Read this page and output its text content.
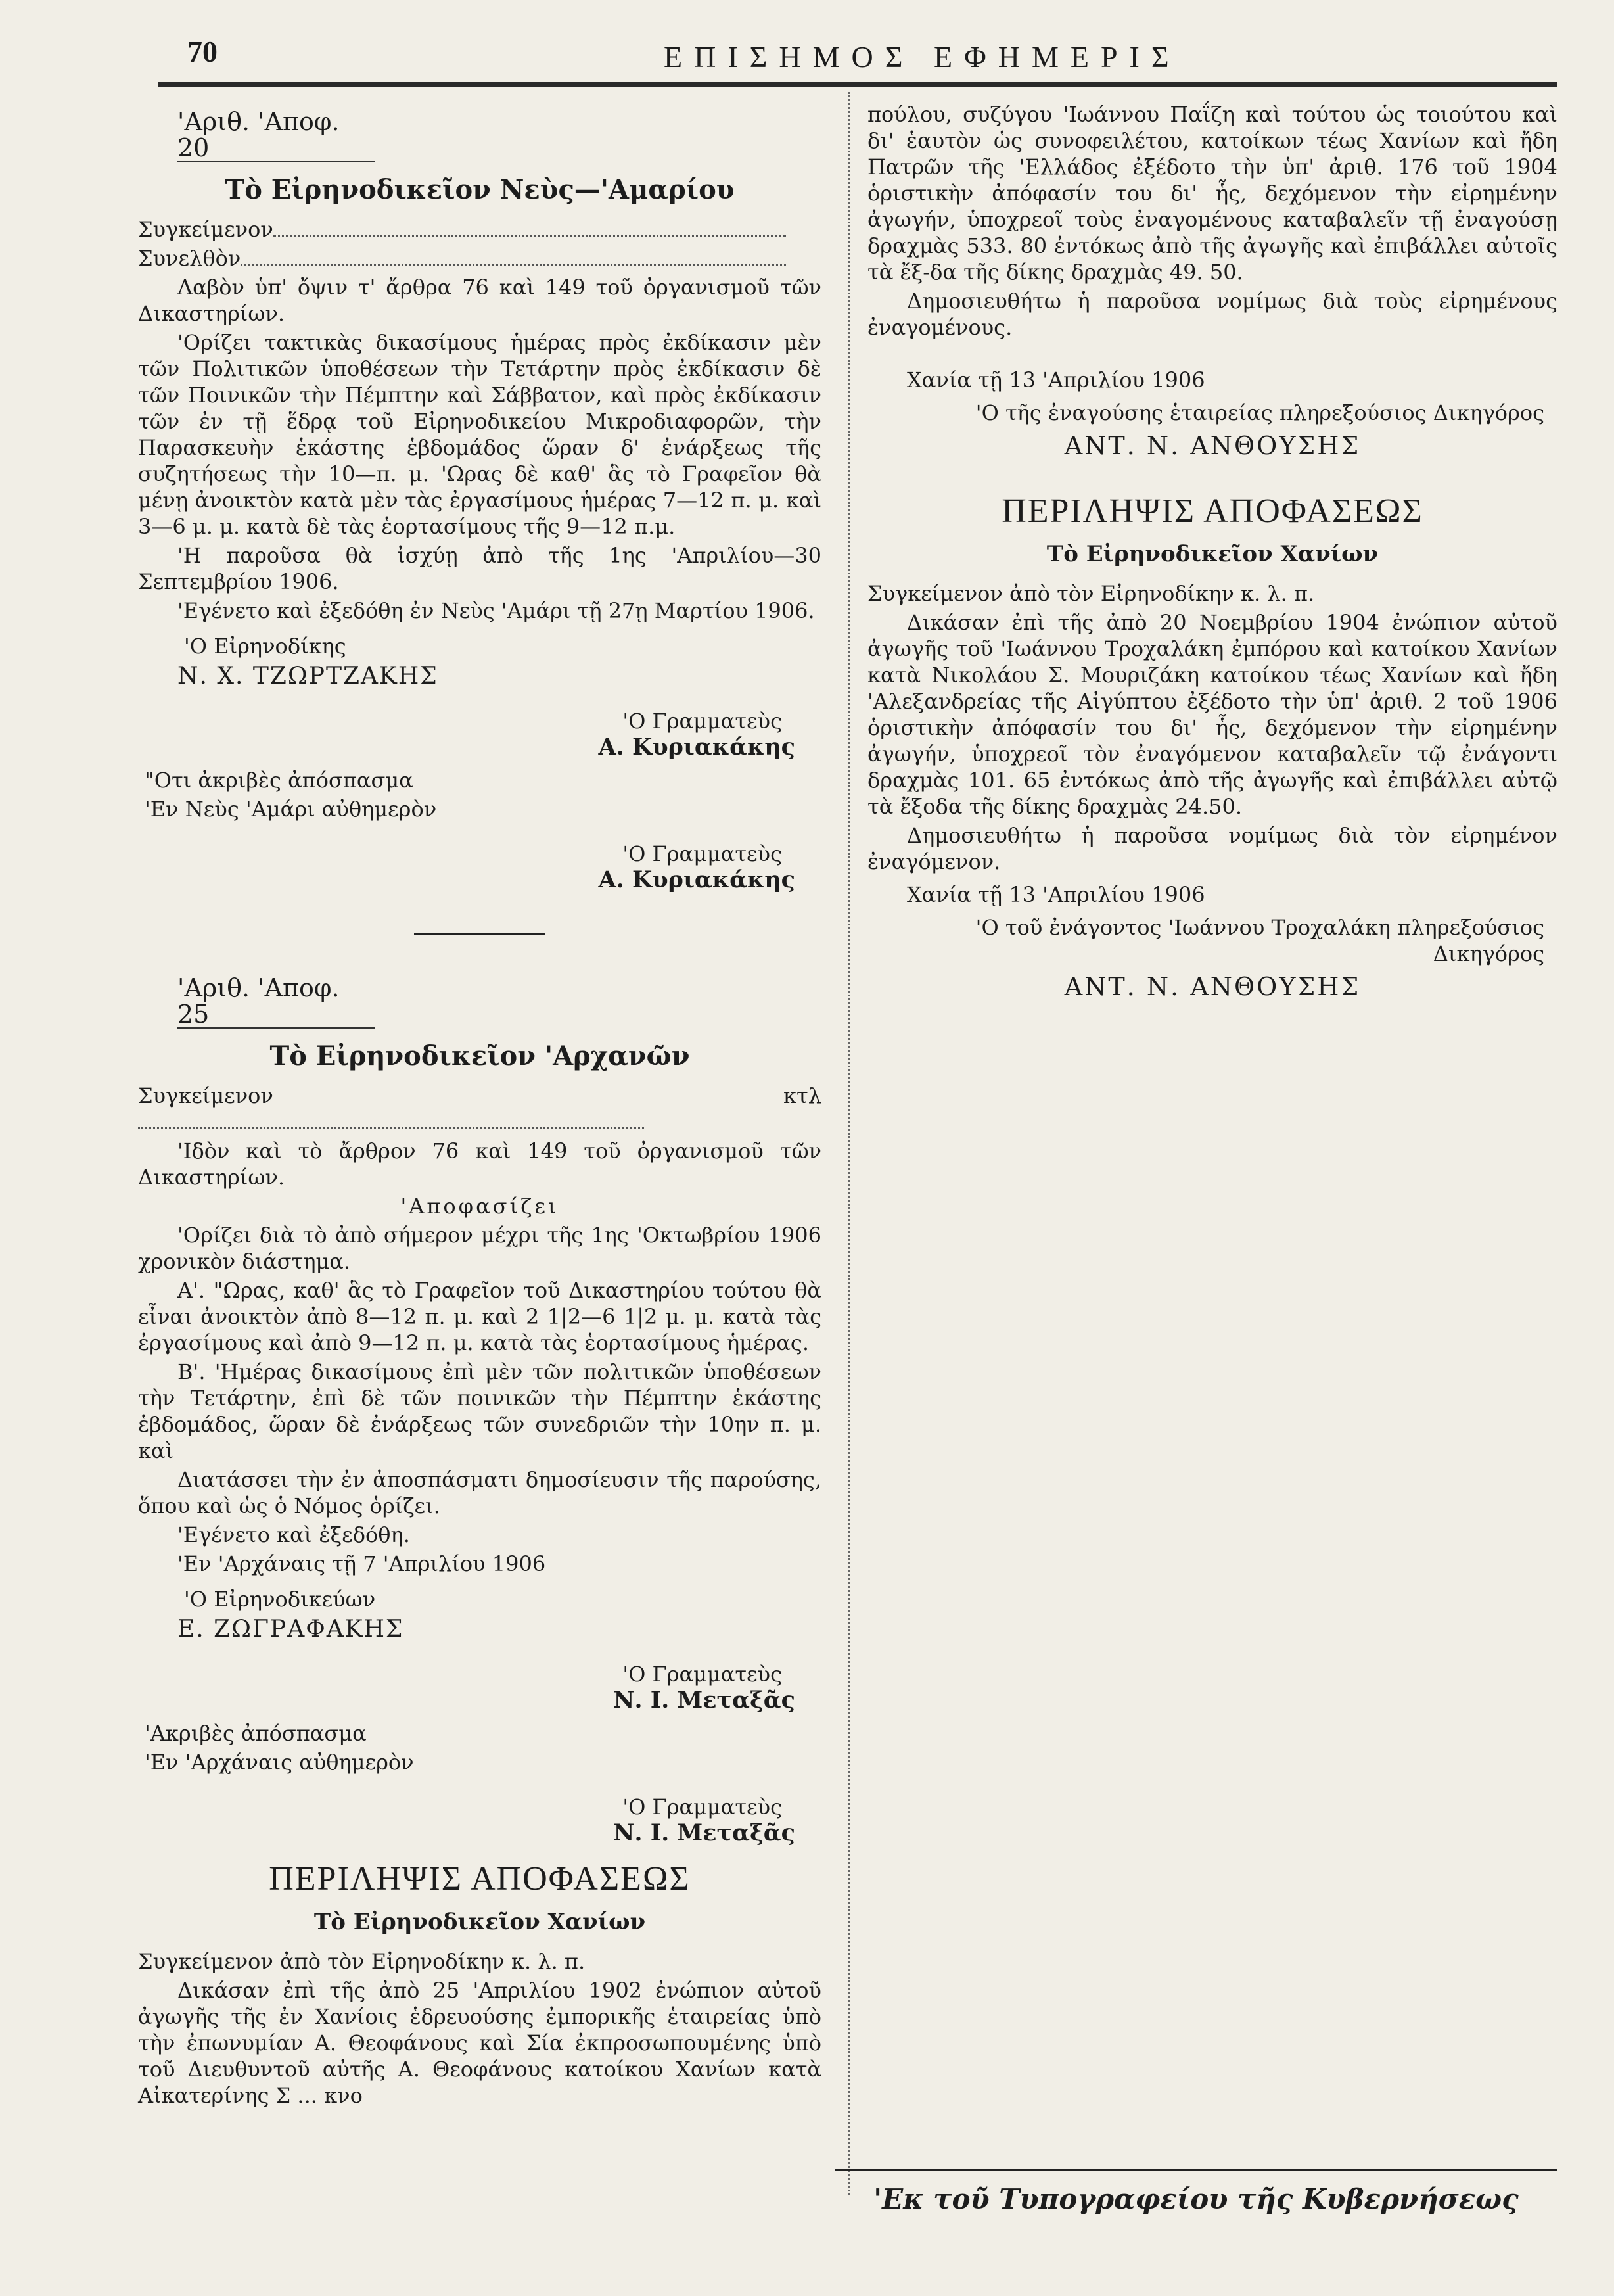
70	ΕΠΙΣΗΜΟΣ ΕΦΗΜΕΡΙΣ
'Αριθ. 'Αποφ. 20
Τὸ Εἰρηνοδικεῖον Νεὺς—'Αμαρίου
Συγκείμενον
Συνελθὸν
Λαβὸν ὑπ' ὄψιν τ' ἄρθρα 76 καὶ 149 τοῦ ὀργανισμοῦ τῶν Δικαστηρίων.
'Ορίζει τακτικὰς δικασίμους ἡμέρας πρὸς ἐκδίκασιν μὲν τῶν Πολιτικῶν ὑποθέσεων τὴν Τετάρτην πρὸς ἐκδίκασιν δὲ τῶν Ποινικῶν τὴν Πέμπτην καὶ Σάββατον, καὶ πρὸς ἐκδίκασιν τῶν ἐν τῇ ἕδρᾳ τοῦ Εἰρηνοδικείου Μικροδιαφορῶν, τὴν Παρασκευὴν ἑκάστης ἑβδομάδος ὥραν δ' ἐνάρξεως τῆς συζητήσεως τὴν 10—π. μ. 'Ωρας δὲ καθ' ἃς τὸ Γραφεῖον θὰ μένῃ ἀνοικτὸν κατὰ μὲν τὰς ἐργασίμους ἡμέρας 7—12 π. μ. καὶ 3—6 μ. μ. κατὰ δὲ τὰς ἑορτασίμους τῆς 9—12 π.μ.
'Η παροῦσα θὰ ἰσχύῃ ἀπὸ τῆς 1ης 'Απριλίου—30 Σεπτεμβρίου 1906.
'Εγένετο καὶ ἐξεδόθη ἐν Νεὺς 'Αμάρι τῇ 27ῃ Μαρτίου 1906.
'Ο Εἰρηνοδίκης
Ν. Χ. ΤΖΩΡΤΖΑΚΗΣ
'Ο Γραμματεὺς
Α. Κυριακάκης
"Οτι ἀκριβὲς ἀπόσπασμα
'Εν Νεὺς 'Αμάρι αὐθημερὸν
'Ο Γραμματεὺς
Α. Κυριακάκης
'Αριθ. 'Αποφ. 25
Τὸ Εἰρηνοδικεῖον 'Αρχανῶν
Συγκείμενον κτλ
'Ιδὸν καὶ τὸ ἄρθρον 76 καὶ 149 τοῦ ὀργανισμοῦ τῶν Δικαστηρίων.
'Αποφασίζει
'Ορίζει διὰ τὸ ἀπὸ σήμερον μέχρι τῆς 1ης 'Οκτωβρίου 1906 χρονικὸν διάστημα.
Α'. "Ωρας, καθ' ἃς τὸ Γραφεῖον τοῦ Δικαστηρίου τούτου θὰ εἶναι ἀνοικτὸν ἀπὸ 8—12 π. μ. καὶ 2 1|2—6 1|2 μ. μ. κατὰ τὰς ἐργασίμους καὶ ἀπὸ 9—12 π. μ. κατὰ τὰς ἑορτασίμους ἡμέρας.
Β'. 'Ημέρας δικασίμους ἐπὶ μὲν τῶν πολιτικῶν ὑποθέσεων τὴν Τετάρτην, ἐπὶ δὲ τῶν ποινικῶν τὴν Πέμπτην ἑκάστης ἑβδομάδος, ὥραν δὲ ἐνάρξεως τῶν συνεδριῶν τὴν 10ην π. μ. καὶ
Διατάσσει τὴν ἐν ἀποσπάσματι δημοσίευσιν τῆς παρούσης, ὅπου καὶ ὡς ὁ Νόμος ὁρίζει.
'Εγένετο καὶ ἐξεδόθη.
'Εν 'Αρχάναις τῇ 7 'Απριλίου 1906
'Ο Εἰρηνοδικεύων
Ε. ΖΩΓΡΑΦΑΚΗΣ
'Ο Γραμματεὺς
Ν. Ι. Μεταξᾶς
'Ακριβὲς ἀπόσπασμα
'Εν 'Αρχάναις αὐθημερὸν
'Ο Γραμματεὺς
Ν. Ι. Μεταξᾶς
ΠΕΡΙΛΗΨΙΣ ΑΠΟΦΑΣΕΩΣ
Τὸ Εἰρηνοδικεῖον Χανίων
Συγκείμενον ἀπὸ τὸν Εἰρηνοδίκην κ. λ. π.
Δικάσαν ἐπὶ τῆς ἀπὸ 25 'Απριλίου 1902 ἐνώπιον αὐτοῦ ἀγωγῆς τῆς ἐν Χανίοις ἑδρευούσης ἐμπορικῆς ἑταιρείας ὑπὸ τὴν ἐπωνυμίαν Α. Θεοφάνους καὶ Σία ἐκπροσωπουμένης ὑπὸ τοῦ Διευθυντοῦ αὐτῆς Α. Θεοφάνους κατοίκου Χανίων κατὰ Αἰκατερίνης Σ ... κνο
πούλου, συζύγου 'Ιωάννου Παΐζη καὶ τούτου ὡς τοιούτου καὶ δι' ἑαυτὸν ὡς συνοφειλέτου, κατοίκων τέως Χανίων καὶ ἤδη Πατρῶν τῆς 'Ελλάδος ἐξέδοτο τὴν ὑπ' ἀριθ. 176 τοῦ 1904 ὁριστικὴν ἀπόφασίν του δι' ἧς, δεχόμενον τὴν εἰρημένην ἀγωγήν, ὑποχρεοῖ τοὺς ἐναγομένους καταβαλεῖν τῇ ἐναγούσῃ δραχμὰς 533. 80 ἐντόκως ἀπὸ τῆς ἀγωγῆς καὶ ἐπιβάλλει αὐτοῖς τὰ ἔξ-δα τῆς δίκης δραχμὰς 49. 50.
Δημοσιευθήτω ἡ παροῦσα νομίμως διὰ τοὺς εἰρημένους ἐναγομένους.
Χανία τῇ 13 'Απριλίου 1906
'Ο τῆς ἐναγούσης ἑταιρείας πληρεξούσιος Δικηγόρος
ΑΝΤ. Ν. ΑΝΘΟΥΣΗΣ
ΠΕΡΙΛΗΨΙΣ ΑΠΟΦΑΣΕΩΣ
Τὸ Εἰρηνοδικεῖον Χανίων
Συγκείμενον ἀπὸ τὸν Εἰρηνοδίκην κ. λ. π.
Δικάσαν ἐπὶ τῆς ἀπὸ 20 Νοεμβρίου 1904 ἐνώπιον αὐτοῦ ἀγωγῆς τοῦ 'Ιωάννου Τρoχαλάκη ἐμπόρου καὶ κατοίκου Χανίων κατὰ Νικολάου Σ. Μουριζάκη κατοίκου τέως Χανίων καὶ ἤδη 'Αλεξανδρείας τῆς Αἰγύπτου ἐξέδοτο τὴν ὑπ' ἀριθ. 2 τοῦ 1906 ὁριστικὴν ἀπόφασίν του δι' ἧς, δεχόμενον τὴν εἰρημένην ἀγωγήν, ὑποχρεοῖ τὸν ἐναγόμενον καταβαλεῖν τῷ ἐνάγοντι δραχμὰς 101. 65 ἐντόκως ἀπὸ τῆς ἀγωγῆς καὶ ἐπιβάλλει αὐτῷ τὰ ἔξοδα τῆς δίκης δραχμὰς 24.50.
Δημοσιευθήτω ἡ παροῦσα νομίμως διὰ τὸν εἰρημένον ἐναγόμενον.
Χανία τῇ 13 'Απριλίου 1906
'Ο τοῦ ἐνάγοντος 'Ιωάννου Τροχαλάκη πληρεξούσιος Δικηγόρος
ΑΝΤ. Ν. ΑΝΘΟΥΣΗΣ
'Εκ τοῦ Τυπογραφείου τῆς Κυβερνήσεως
